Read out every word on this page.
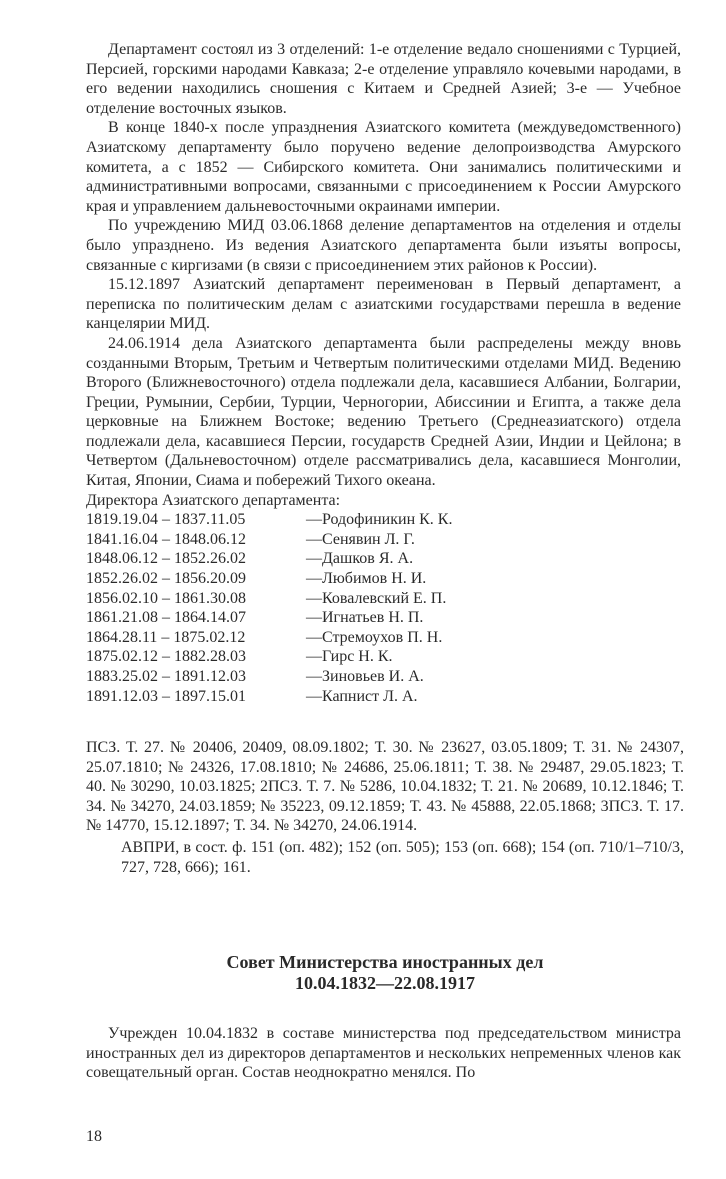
Департамент состоял из 3 отделений: 1-е отделение ведало сношениями с Турцией, Персией, горскими народами Кавказа; 2-е отделение управляло кочевыми народами, в его ведении находились сношения с Китаем и Средней Азией; 3-е — Учебное отделение восточных языков.

В конце 1840-х после упразднения Азиатского комитета (междуведомственного) Азиатскому департаменту было поручено ведение делопроизводства Амурского комитета, а с 1852 — Сибирского комитета. Они занимались политическими и административными вопросами, связанными с присоединением к России Амурского края и управлением дальневосточными окраинами империи.

По учреждению МИД 03.06.1868 деление департаментов на отделения и отделы было упразднено. Из ведения Азиатского департамента были изъяты вопросы, связанные с киргизами (в связи с присоединением этих районов к России).

15.12.1897 Азиатский департамент переименован в Первый департамент, а переписка по политическим делам с азиатскими государствами перешла в ведение канцелярии МИД.

24.06.1914 дела Азиатского департамента были распределены между вновь созданными Вторым, Третьим и Четвертым политическими отделами МИД. Ведению Второго (Ближневосточного) отдела подлежали дела, касавшиеся Албании, Болгарии, Греции, Румынии, Сербии, Турции, Черногории, Абиссинии и Египта, а также дела церковные на Ближнем Востоке; ведению Третьего (Среднеазиатского) отдела подлежали дела, касавшиеся Персии, государств Средней Азии, Индии и Цейлона; в Четвертом (Дальневосточном) отделе рассматривались дела, касавшиеся Монголии, Китая, Японии, Сиама и побережий Тихого океана.

Директора Азиатского департамента:

1819.19.04 – 1837.11.05	—Родофиникин К. К.
1841.16.04 – 1848.06.12	—Сенявин Л. Г.
1848.06.12 – 1852.26.02	—Дашков Я. А.
1852.26.02 – 1856.20.09	—Любимов Н. И.
1856.02.10 – 1861.30.08	—Ковалевский Е. П.
1861.21.08 – 1864.14.07	—Игнатьев Н. П.
1864.28.11 – 1875.02.12	—Стремоухов П. Н.
1875.02.12 – 1882.28.03	—Гирс Н. К.
1883.25.02 – 1891.12.03	—Зиновьев И. А.
1891.12.03 – 1897.15.01	—Капнист Л. А.

ПСЗ. Т. 27. № 20406, 20409, 08.09.1802; Т. 30. № 23627, 03.05.1809; Т. 31. № 24307, 25.07.1810; № 24326, 17.08.1810; № 24686, 25.06.1811; Т. 38. № 29487, 29.05.1823; Т. 40. № 30290, 10.03.1825; 2ПСЗ. Т. 7. № 5286, 10.04.1832; Т. 21. № 20689, 10.12.1846; Т. 34. № 34270, 24.03.1859; № 35223, 09.12.1859; Т. 43. № 45888, 22.05.1868; 3ПСЗ. Т. 17. № 14770, 15.12.1897; Т. 34. № 34270, 24.06.1914.

АВПРИ, в сост. ф. 151 (оп. 482); 152 (оп. 505); 153 (оп. 668); 154 (оп. 710/1–710/3, 727, 728, 666); 161.

Совет Министерства иностранных дел
10.04.1832—22.08.1917

Учрежден 10.04.1832 в составе министерства под председательством министра иностранных дел из директоров департаментов и нескольких непременных членов как совещательный орган. Состав неоднократно менялся. По

18
